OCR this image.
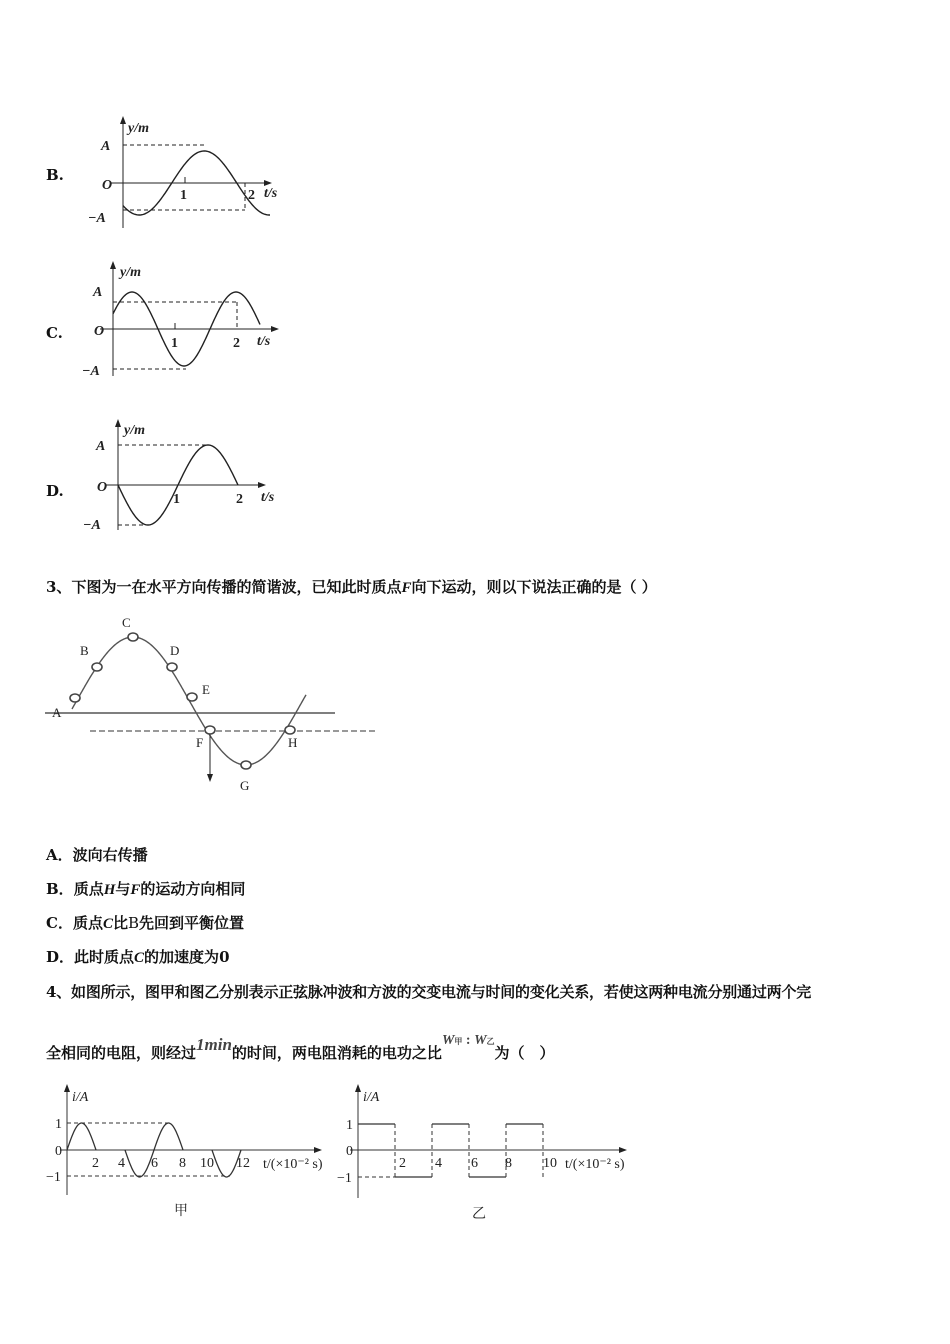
B.
C.
D.
y/m
A
O
−A
1	2 t/s
y/m
A
O
−A
1	2 t/s
y/m
A
O
−A
1	2 t/s
A
B
C
D
E
F
G
H
i/A
1
0
−1
2 4 6 8 10 12 t/(×10⁻² s)
甲
i/A
1
0
−1
2 4 6 8 10 t/(×10⁻² s)
乙
3、下图为一在水平方向传播的简谐波，已知此时质点F向下运动，则以下说法正确的是（ ）
A．波向右传播
B．质点H与F的运动方向相同
C．质点C比B先回到平衡位置
D．此时质点C的加速度为0
4、如图所示，图甲和图乙分别表示正弦脉冲波和方波的交变电流与时间的变化关系，若使这两种电流分别通过两个完
全相同的电阻，则经过1min的时间，两电阻消耗的电功之比W甲 : W乙为（　）
